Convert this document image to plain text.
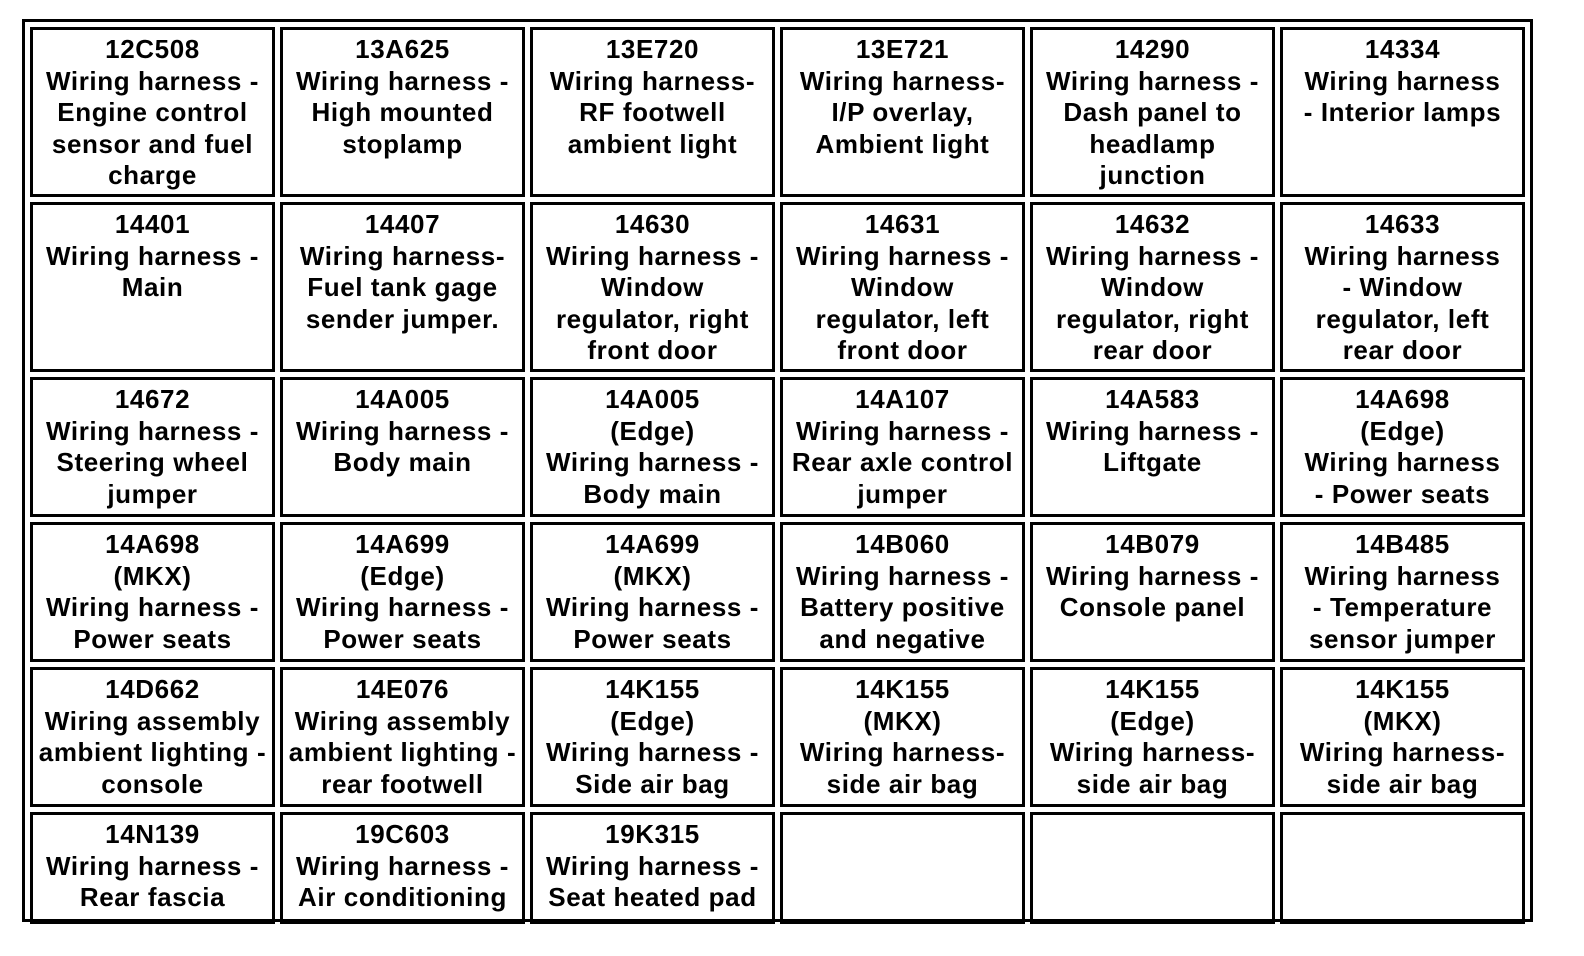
12C508
Wiring harness -
Engine control
sensor and fuel
charge
13A625
Wiring harness -
High mounted
stoplamp
13E720
Wiring harness-
RF footwell
ambient light
13E721
Wiring harness-
I/P overlay,
Ambient light
14290
Wiring harness -
Dash panel to
headlamp
junction
14334
Wiring harness
- Interior lamps
14401
Wiring harness -
Main
14407
Wiring harness-
Fuel tank gage
sender jumper.
14630
Wiring harness -
Window
regulator, right
front door
14631
Wiring harness -
Window
regulator, left
front door
14632
Wiring harness -
Window
regulator, right
rear door
14633
Wiring harness
- Window
regulator, left
rear door
14672
Wiring harness -
Steering wheel
jumper
14A005
Wiring harness -
Body main
14A005
(Edge)
Wiring harness -
Body main
14A107
Wiring harness -
Rear axle control
jumper
14A583
Wiring harness -
Liftgate
14A698
(Edge)
Wiring harness
- Power seats
14A698
(MKX)
Wiring harness -
Power seats
14A699
(Edge)
Wiring harness -
Power seats
14A699
(MKX)
Wiring harness -
Power seats
14B060
Wiring harness -
Battery positive
and negative
14B079
Wiring harness -
Console panel
14B485
Wiring harness
- Temperature
sensor jumper
14D662
Wiring assembly
ambient lighting -
console
14E076
Wiring assembly
ambient lighting -
rear footwell
14K155
(Edge)
Wiring harness -
Side air bag
14K155
(MKX)
Wiring harness-
side air bag
14K155
(Edge)
Wiring harness-
side air bag
14K155
(MKX)
Wiring harness-
side air bag
14N139
Wiring harness -
Rear fascia
19C603
Wiring harness -
Air conditioning
19K315
Wiring harness -
Seat heated pad
